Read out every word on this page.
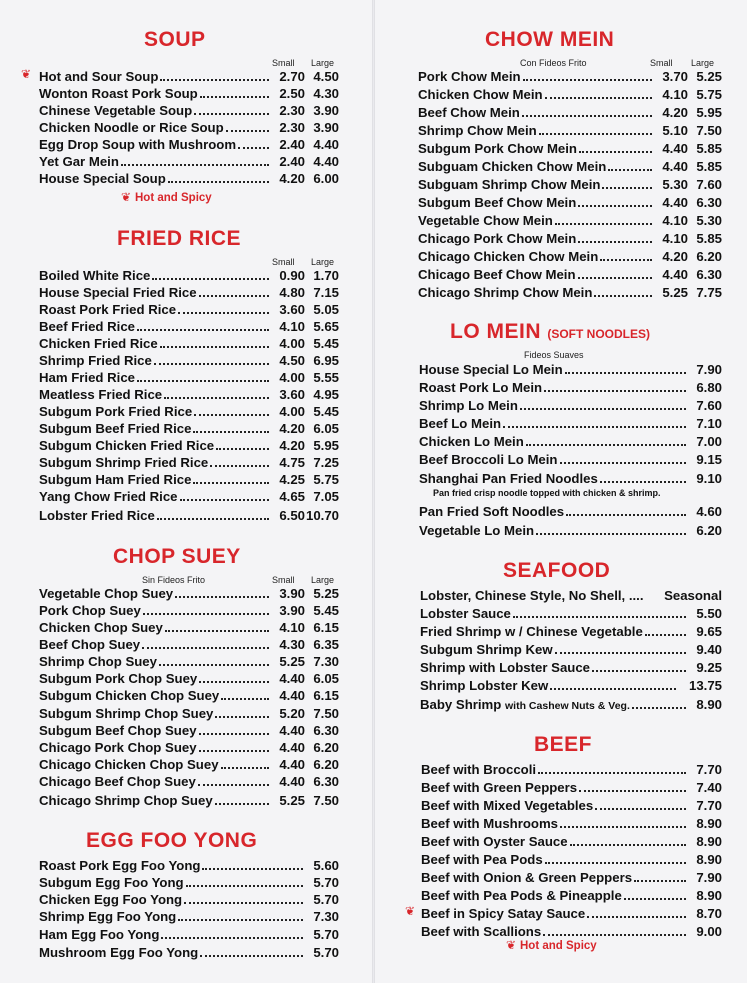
SOUP
Small Large
❦ Hot and Sour Soup	2.70 4.50
Wonton Roast Pork Soup	2.50 4.30
Chinese Vegetable Soup	2.30 3.90
Chicken Noodle or Rice Soup	2.30 3.90
Egg Drop Soup with Mushroom	2.40 4.40
Yet Gar Mein	2.40 4.40
House Special Soup	4.20 6.00
❦ Hot and Spicy
FRIED RICE
Small Large
Boiled White Rice	0.90 1.70
House Special Fried Rice	4.80 7.15
Roast Pork Fried Rice	3.60 5.05
Beef Fried Rice	4.10 5.65
Chicken Fried Rice	4.00 5.45
Shrimp Fried Rice	4.50 6.95
Ham Fried Rice	4.00 5.55
Meatless Fried Rice	3.60 4.95
Subgum Pork Fried Rice	4.00 5.45
Subgum Beef Fried Rice	4.20 6.05
Subgum Chicken Fried Rice	4.20 5.95
Subgum Shrimp Fried Rice	4.75 7.25
Subgum Ham Fried Rice	4.25 5.75
Yang Chow Fried Rice	4.65 7.05
Lobster Fried Rice	6.50 10.70
CHOP SUEY
Sin Fideos Frito	Small Large
Vegetable Chop Suey	3.90 5.25
Pork Chop Suey	3.90 5.45
Chicken Chop Suey	4.10 6.15
Beef Chop Suey	4.30 6.35
Shrimp Chop Suey	5.25 7.30
Subgum Pork Chop Suey	4.40 6.05
Subgum Chicken Chop Suey	4.40 6.15
Subgum Shrimp Chop Suey	5.20 7.50
Subgum Beef Chop Suey	4.40 6.30
Chicago Pork Chop Suey	4.40 6.20
Chicago Chicken Chop Suey	4.40 6.20
Chicago Beef Chop Suey	4.40 6.30
Chicago Shrimp Chop Suey	5.25 7.50
EGG FOO YONG
Roast Pork Egg Foo Yong	5.60
Subgum Egg Foo Yong	5.70
Chicken Egg Foo Yong	5.70
Shrimp Egg Foo Yong	7.30
Ham Egg Foo Yong	5.70
Mushroom Egg Foo Yong	5.70
CHOW MEIN
Con Fideos Frito	Small Large
Pork Chow Mein	3.70 5.25
Chicken Chow Mein	4.10 5.75
Beef Chow Mein	4.20 5.95
Shrimp Chow Mein	5.10 7.50
Subgum Pork Chow Mein	4.40 5.85
Subguam Chicken Chow Mein	4.40 5.85
Subguam Shrimp Chow Mein	5.30 7.60
Subgum Beef Chow Mein	4.40 6.30
Vegetable Chow Mein	4.10 5.30
Chicago Pork Chow Mein	4.10 5.85
Chicago Chicken Chow Mein	4.20 6.20
Chicago Beef Chow Mein	4.40 6.30
Chicago Shrimp Chow Mein	5.25 7.75
LO MEIN (SOFT NOODLES)
Fideos Suaves
House Special Lo Mein	7.90
Roast Pork Lo Mein	6.80
Shrimp Lo Mein	7.60
Beef Lo Mein	7.10
Chicken Lo Mein	7.00
Beef Broccoli Lo Mein	9.15
Shanghai Pan Fried Noodles	9.10
Pan fried crisp noodle topped with chicken & shrimp.
Pan Fried Soft Noodles	4.60
Vegetable Lo Mein	6.20
SEAFOOD
Lobster, Chinese Style, No Shell, ....	Seasonal
Lobster Sauce	5.50
Fried Shrimp w / Chinese Vegetable	9.65
Subgum Shrimp Kew	9.40
Shrimp with Lobster Sauce	9.25
Shrimp Lobster Kew	13.75
Baby Shrimp with Cashew Nuts & Veg.	8.90
BEEF
Beef with Broccoli	7.70
Beef with Green Peppers	7.40
Beef with Mixed Vegetables	7.70
Beef with Mushrooms	8.90
Beef with Oyster Sauce	8.90
Beef with Pea Pods	8.90
Beef with Onion & Green Peppers	7.90
Beef with Pea Pods & Pineapple	8.90
❦ Beef in Spicy Satay Sauce	8.70
Beef with Scallions	9.00
❦ Hot and Spicy
